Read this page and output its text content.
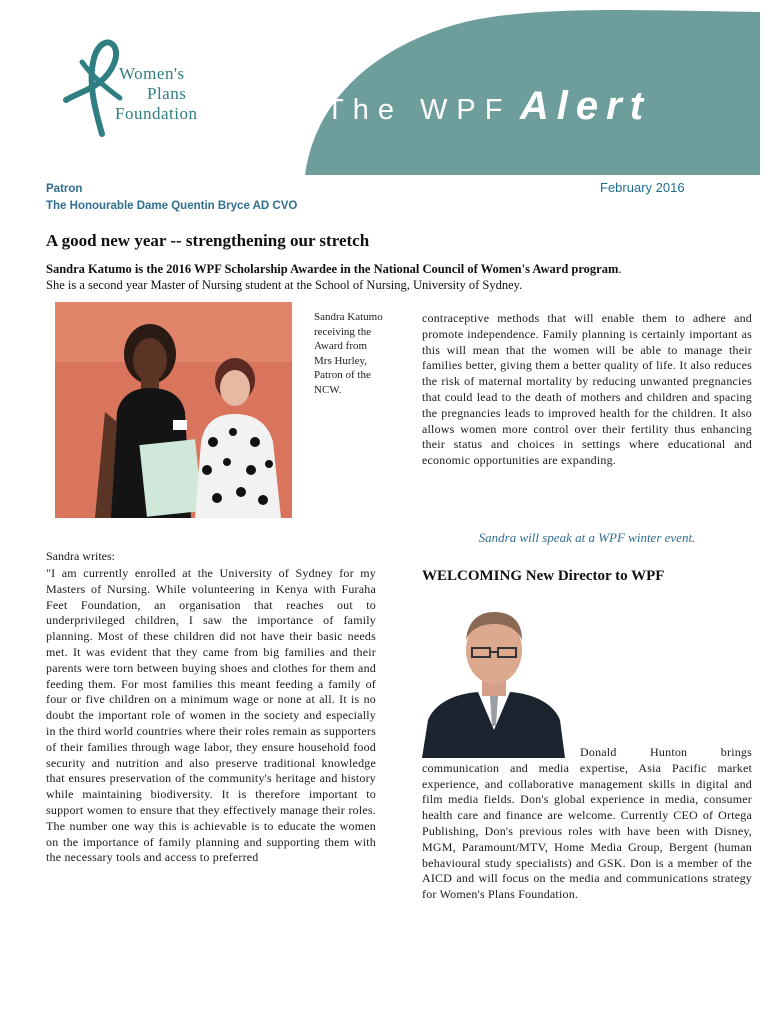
The WPF Alert
Women's
Plans
Foundation
Patron
The Honourable Dame Quentin Bryce AD CVO
February 2016
A good new year -- strengthening our stretch
Sandra Katumo is the 2016 WPF Scholarship Awardee in the National Council of Women's Award program.
She is a second year Master of Nursing student at the School of Nursing, University of Sydney.
Sandra Katumo receiving the Award from Mrs Hurley, Patron of the NCW.
contraceptive methods that will enable them to adhere and promote independence. Family planning is certainly important as this will mean that the women will be able to manage their families better, giving them a better quality of life. It also reduces the risk of maternal mortality by reducing unwanted pregnancies that could lead to the death of mothers and children and spacing the pregnancies leads to improved health for the children. It also allows women more control over their fertility thus enhancing their status and choices in settings where educational and economic opportunities are expanding.
Sandra will speak at a WPF winter event.
Sandra writes:
"I am currently enrolled at the University of Sydney for my Masters of Nursing. While volunteering in Kenya with Furaha Feet Foundation, an organisation that reaches out to underprivileged children, I saw the importance of family planning. Most of these children did not have their basic needs met. It was evident that they came from big families and their parents were torn between buying shoes and clothes for them and feeding them. For most families this meant feeding a family of four or five children on a minimum wage or none at all. It is no doubt the important role of women in the society and especially in the third world countries where their roles remain as supporters of their families through wage labor, they ensure household food security and nutrition and also preserve traditional knowledge that ensures preservation of the community's heritage and history while maintaining biodiversity. It is therefore important to support women to ensure that they effectively manage their roles. The number one way this is achievable is to educate the women on the importance of family planning and supporting them with the necessary tools and access to preferred
WELCOMING New Director to WPF
Donald Hunton brings communication and media expertise, Asia Pacific market experience, and collaborative management skills in digital and film media fields. Don's global experience in media, consumer health care and finance are welcome. Currently CEO of Ortega Publishing, Don's previous roles with have been with Disney, MGM, Paramount/MTV, Home Media Group, Bergent (human behavioural study specialists) and GSK. Don is a member of the AICD and will focus on the media and communications strategy for Women's Plans Foundation.
